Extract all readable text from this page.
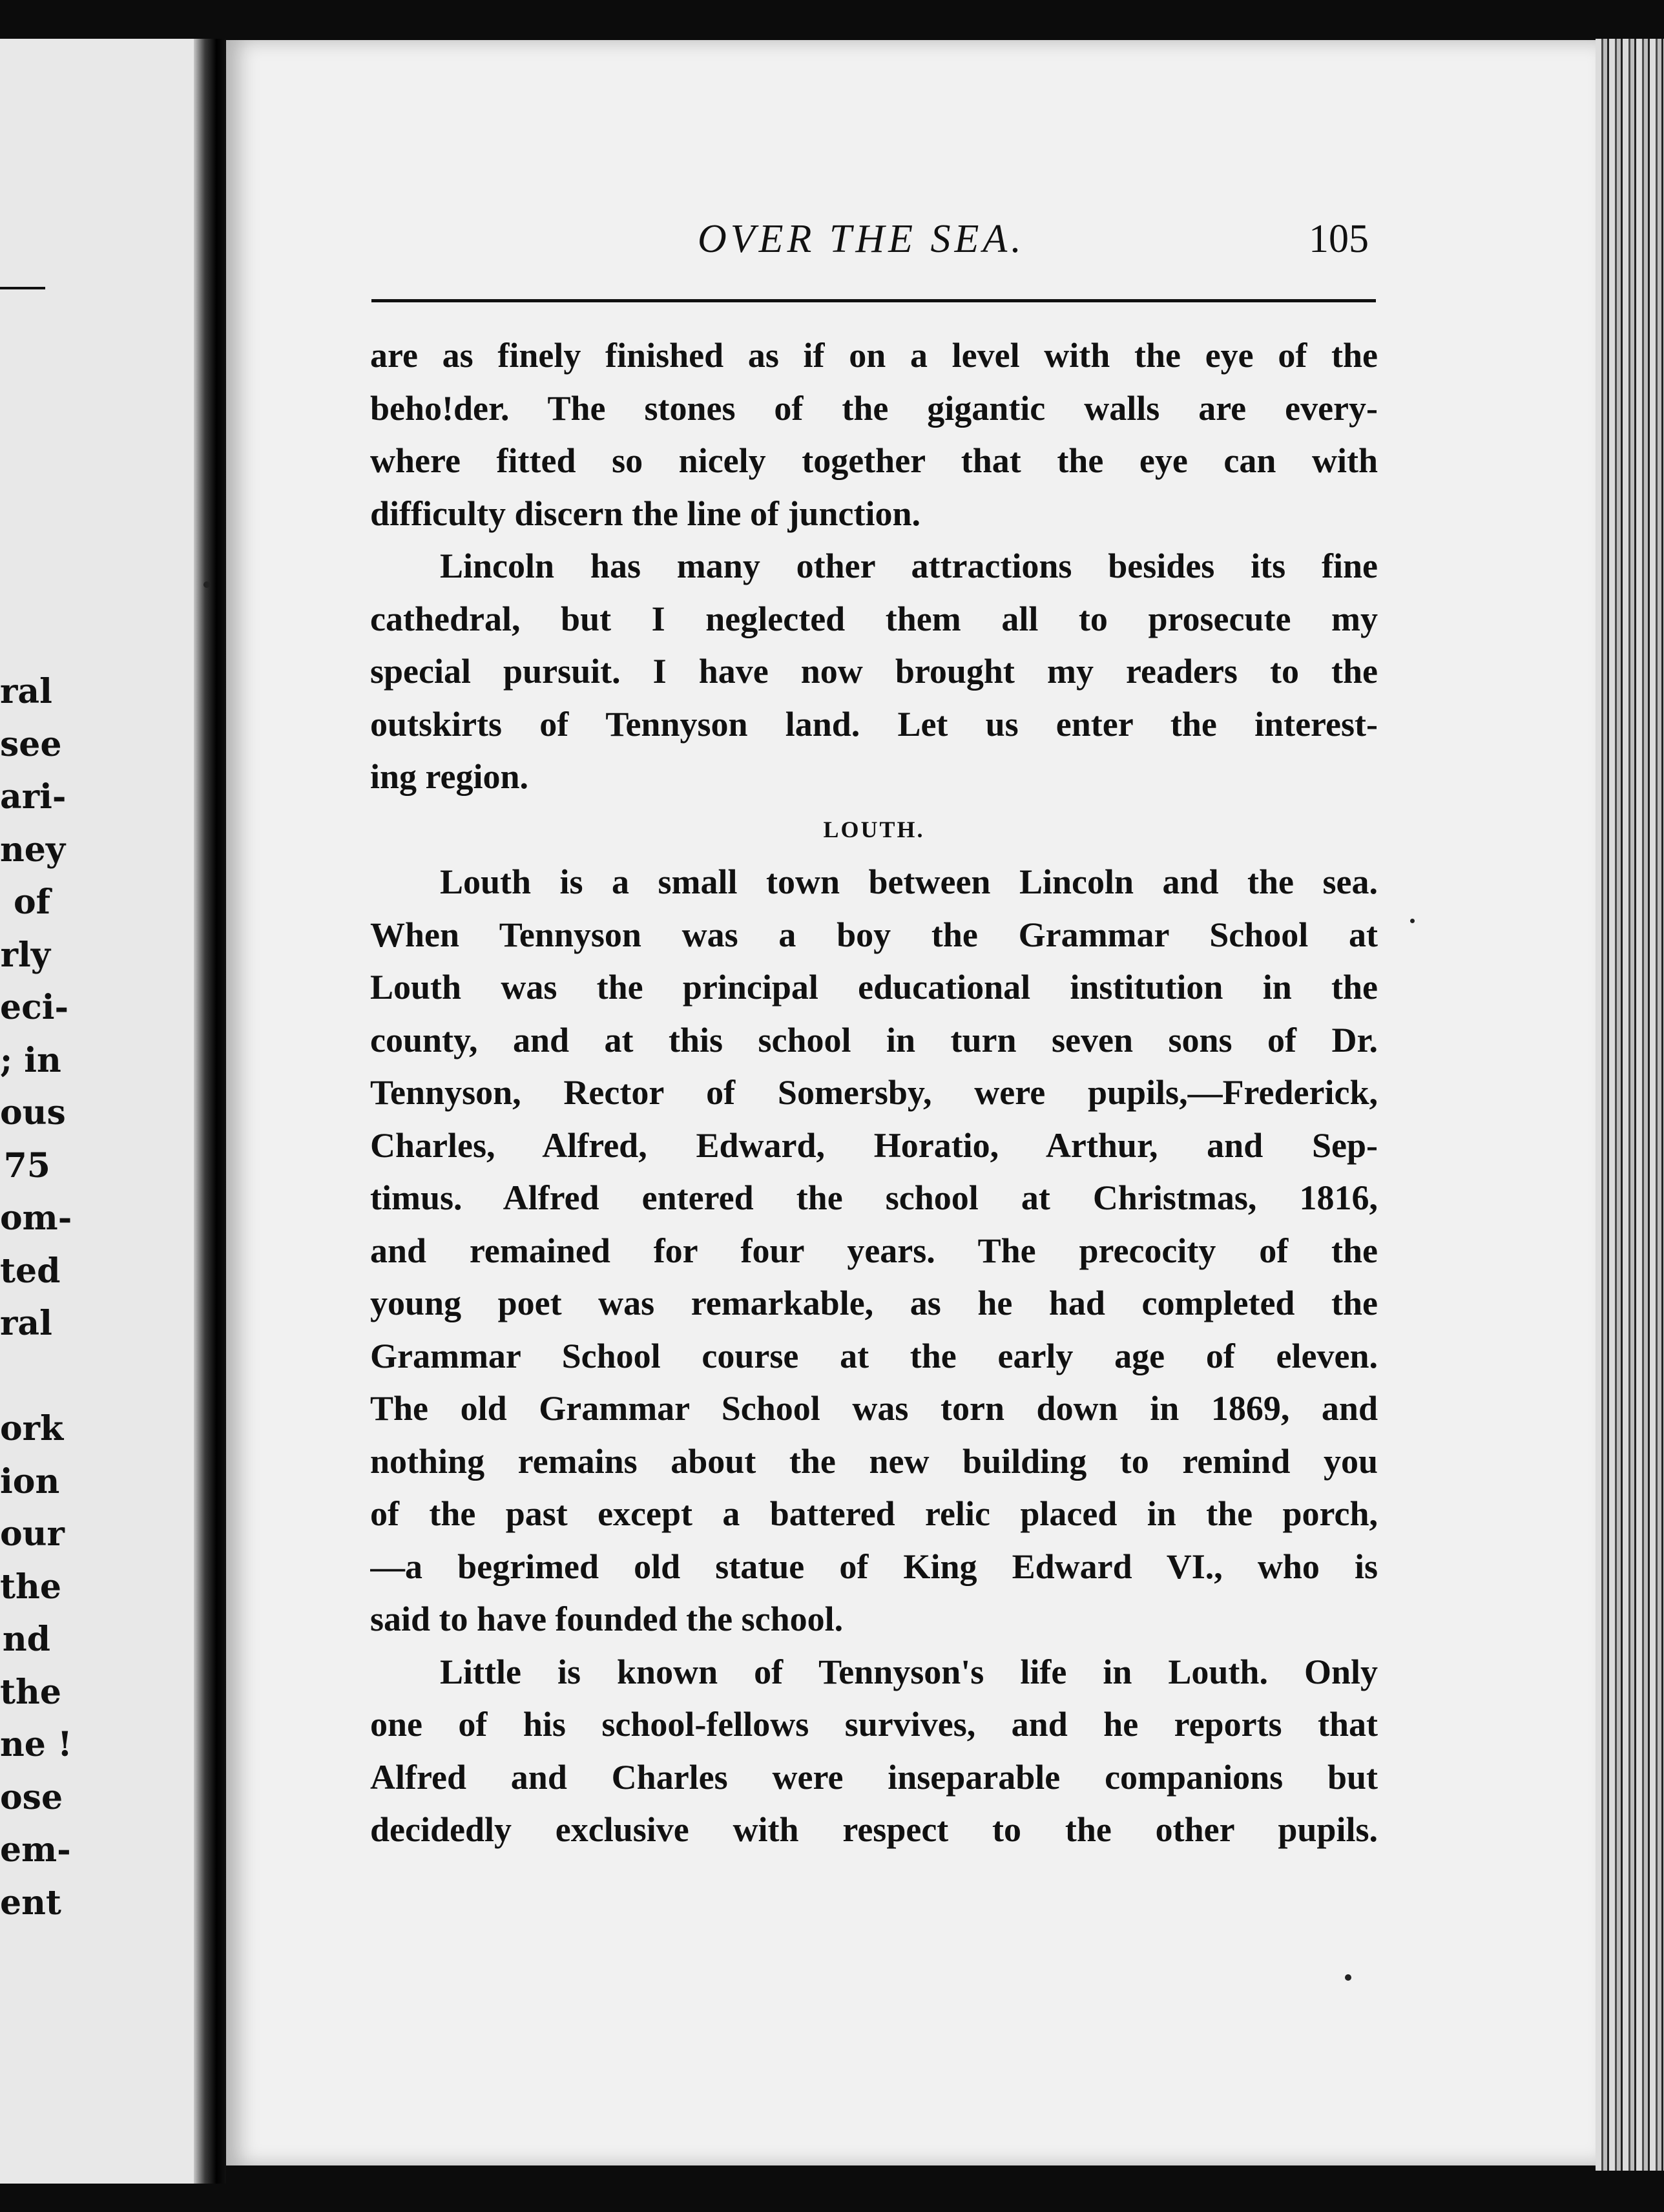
ral
see
ari-
ney
of
rly
eci-
; in
ous
75
om-
ted
ral
ork
ion
our
the
nd
the
ne !
ose
em-
ent
OVER THE SEA.	105
are as finely finished as if on a level with the eye of the
beho!der. The stones of the gigantic walls are every-
where fitted so nicely together that the eye can with
difficulty discern the line of junction.
Lincoln has many other attractions besides its fine
cathedral, but I neglected them all to prosecute my
special pursuit. I have now brought my readers to the
outskirts of Tennyson land. Let us enter the interest-
ing region.
LOUTH.
Louth is a small town between Lincoln and the sea.
When Tennyson was a boy the Grammar School at
Louth was the principal educational institution in the
county, and at this school in turn seven sons of Dr.
Tennyson, Rector of Somersby, were pupils,—Frederick,
Charles, Alfred, Edward, Horatio, Arthur, and Sep-
timus. Alfred entered the school at Christmas, 1816,
and remained for four years. The precocity of the
young poet was remarkable, as he had completed the
Grammar School course at the early age of eleven.
The old Grammar School was torn down in 1869, and
nothing remains about the new building to remind you
of the past except a battered relic placed in the porch,
—a begrimed old statue of King Edward VI., who is
said to have founded the school.
Little is known of Tennyson's life in Louth. Only
one of his school-fellows survives, and he reports that
Alfred and Charles were inseparable companions but
decidedly exclusive with respect to the other pupils.
